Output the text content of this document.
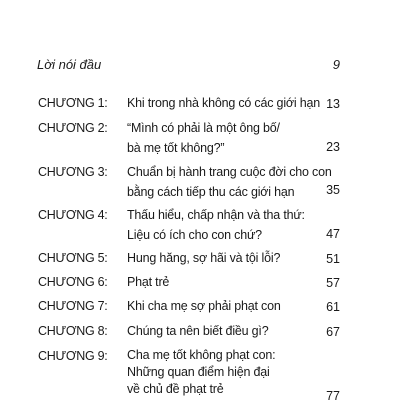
Lời nói đầu	9
CHƯƠNG 1: Khi trong nhà không có các giới hạn 13
CHƯƠNG 2: “Mình có phải là một ông bố/
bà mẹ tốt không?”	23
CHƯƠNG 3: Chuẩn bị hành trang cuộc đời cho con
bằng cách tiếp thu các giới hạn	35
CHƯƠNG 4: Thấu hiểu, chấp nhận và tha thứ:
Liệu có ích cho con chứ?	47
CHƯƠNG 5: Hung hăng, sợ hãi và tội lỗi?	51
CHƯƠNG 6: Phạt trẻ	57
CHƯƠNG 7: Khi cha mẹ sợ phải phạt con	61
CHƯƠNG 8: Chúng ta nên biết điều gì?	67
CHƯƠNG 9: Cha mẹ tốt không phạt con:
Những quan điểm hiện đại
về chủ đề phạt trẻ	77
